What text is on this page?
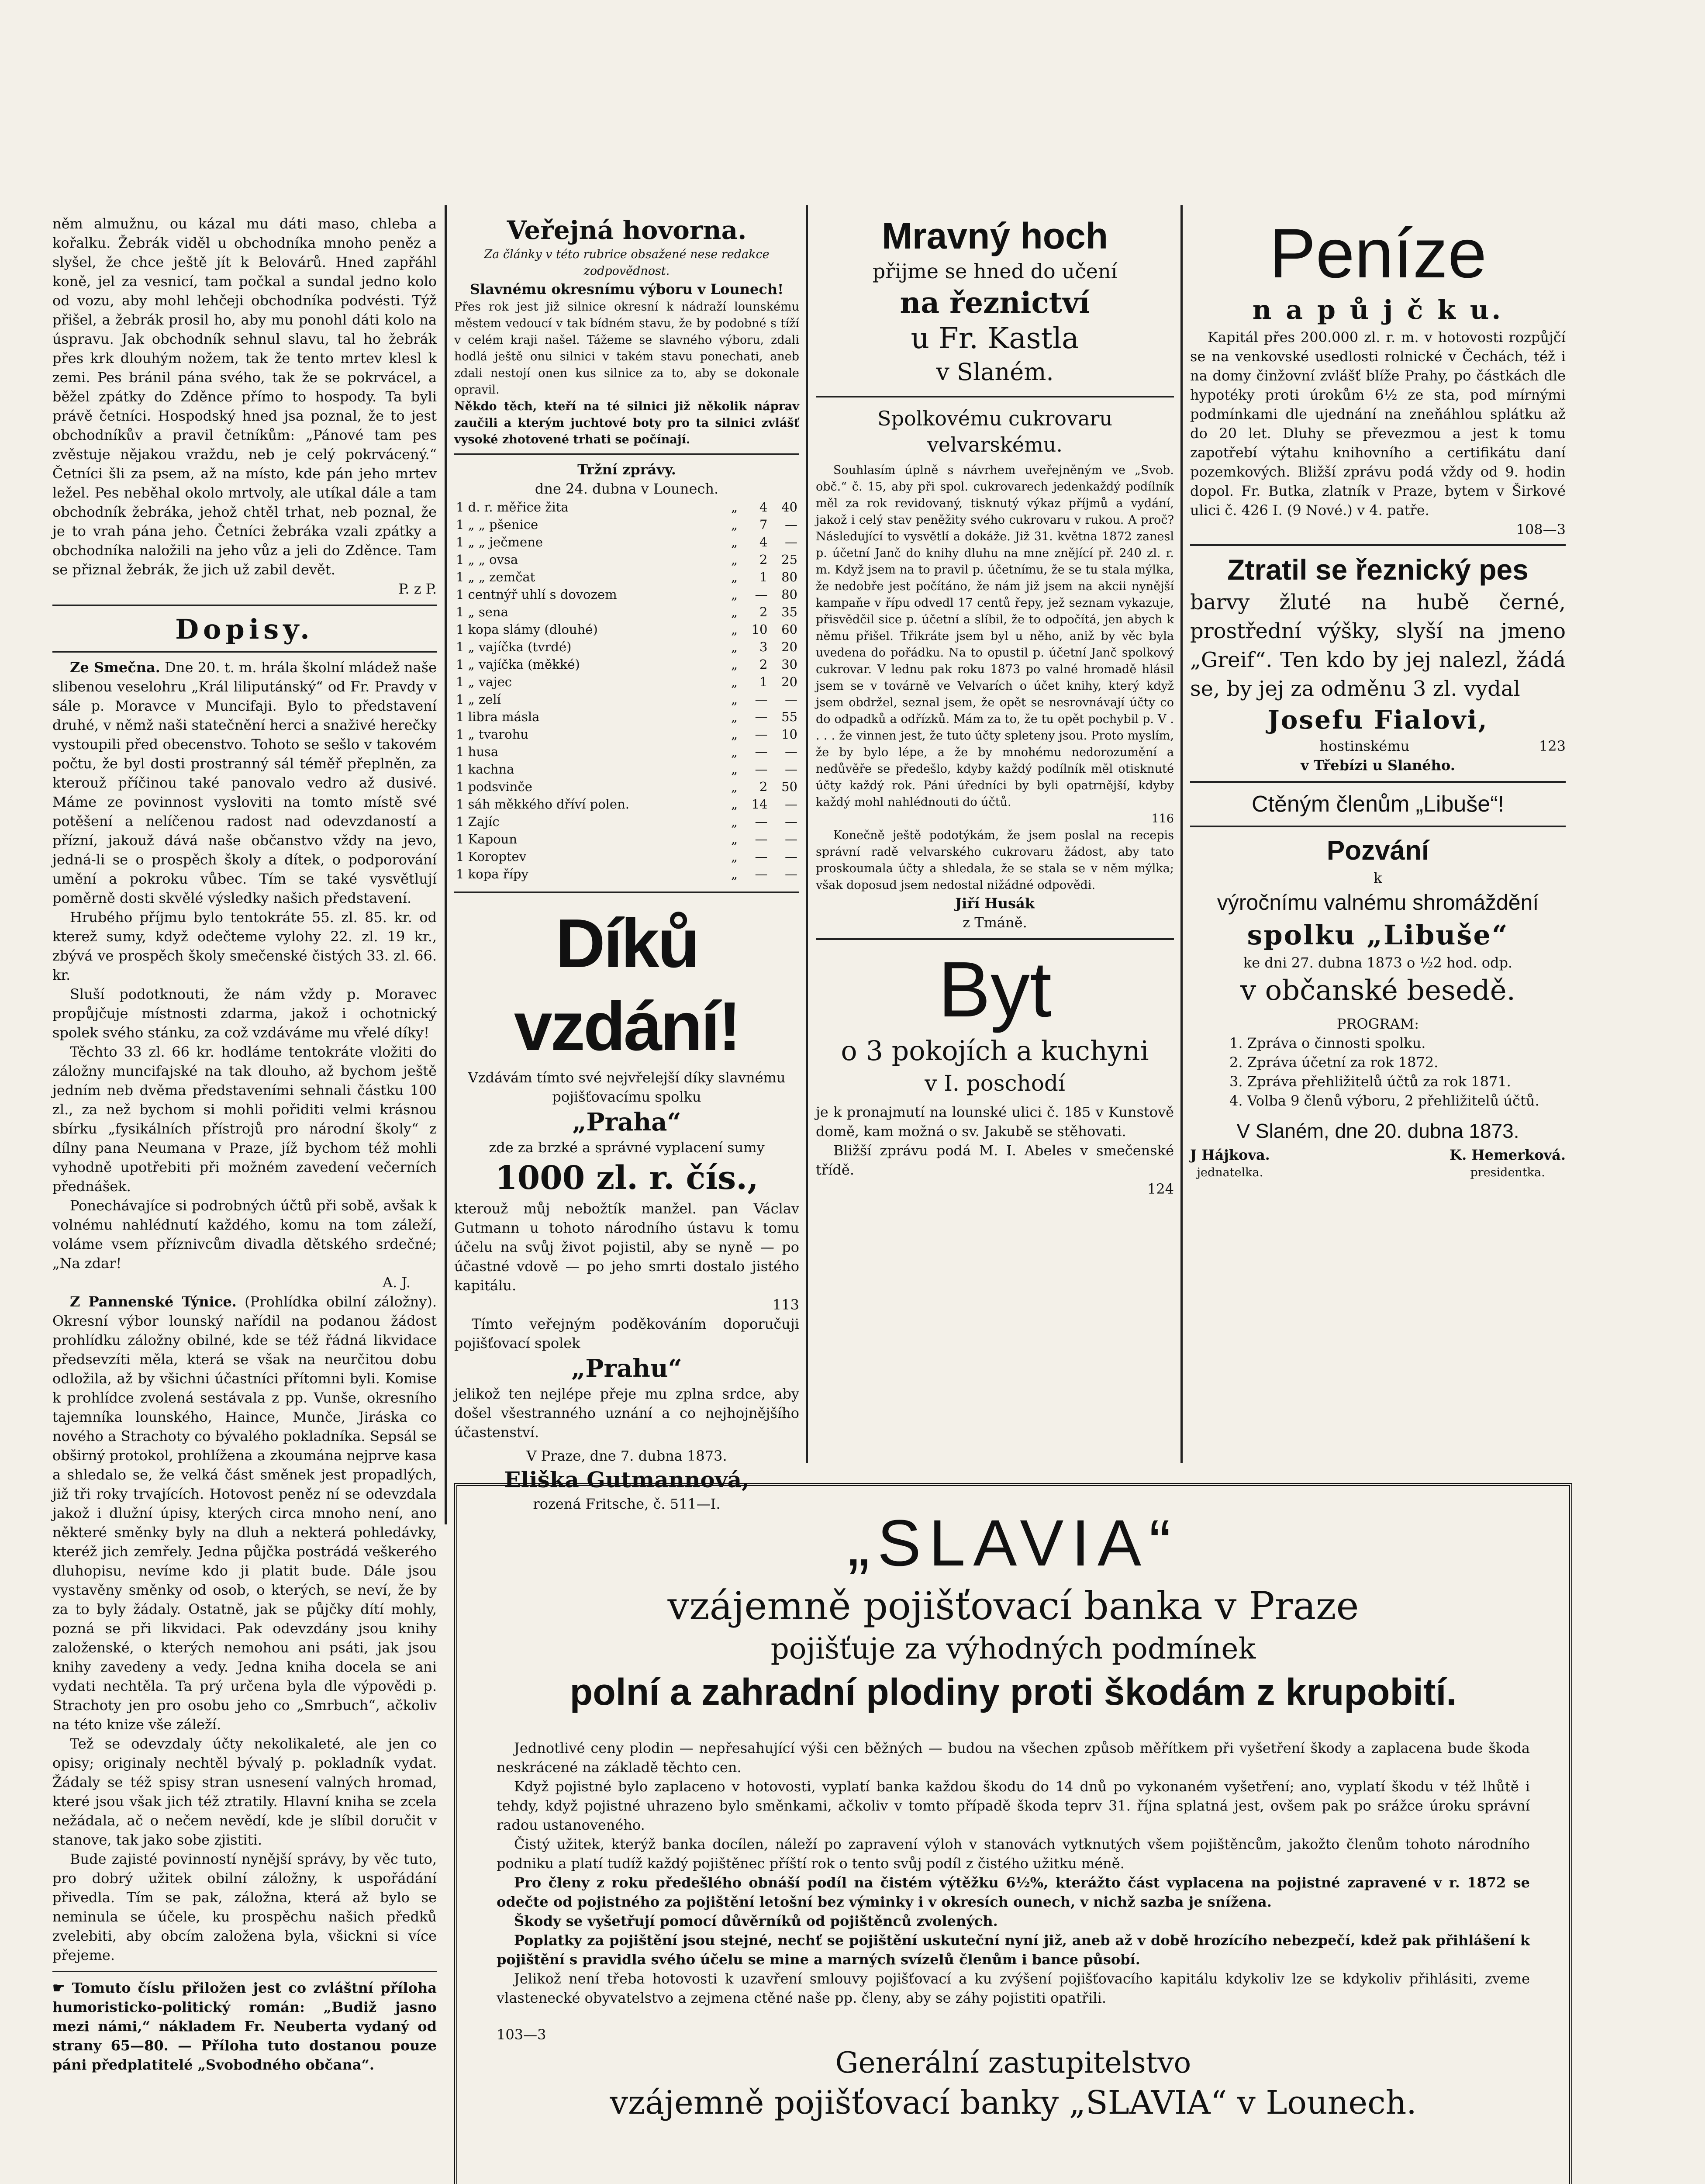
něm almužnu, ou kázal mu dáti maso, chleba a kořalku. Žebrák viděl u obchodníka mnoho peněz a slyšel, že chce ještě jít k Belovárů. Hned zapřáhl koně, jel za vesnicí, tam počkal a sundal jedno kolo od vozu, aby mohl lehčeji obchodníka podvésti. Týž přišel, a žebrák prosil ho, aby mu ponohl dáti kolo na úspravu. Jak obchodník sehnul slavu, tal ho žebrák přes krk dlouhým nožem, tak že tento mrtev klesl k zemi. Pes bránil pána svého, tak že se pokrvácel, a běžel zpátky do Zděnce přímo to hospody. Ta byli právě četníci. Hospodský hned jsa poznal, že to jest obchodníkův a pravil četníkům: „Pánové tam pes zvěstuje nějakou vraždu, neb je celý pokrvácený.“ Četníci šli za psem, až na místo, kde pán jeho mrtev ležel. Pes neběhal okolo mrtvoly, ale utíkal dále a tam obchodník žebráka, jehož chtěl trhat, neb poznal, že je to vrah pána jeho. Četníci žebráka vzali zpátky a obchodníka naložili na jeho vůz a jeli do Zděnce. Tam se přiznal žebrák, že jich už zabil devět.

P. z P.
Dopisy.

Ze Smečna. Dne 20. t. m. hrála školní mládež naše slibenou veselohru „Král liliputánský“ od Fr. Pravdy v sále p. Moravce v Muncifaji. Bylo to představení druhé, v němž naši statečnění herci a snaživé herečky vystoupili před obecenstvo. Tohoto se sešlo v takovém počtu, že byl dosti prostranný sál téměř přeplněn, za kterouž příčinou také panovalo vedro až dusivé. Máme ze povinnost vysloviti na tomto místě své potěšení a nelíčenou radost nad odevzdaností a přízní, jakouž dává naše občanstvo vždy na jevo, jedná-li se o prospěch školy a dítek, o podporování umění a pokroku vůbec. Tím se také vysvětlují poměrně dosti skvělé výsledky našich představení.

Hrubého příjmu bylo tentokráte 55. zl. 85. kr. od kterež sumy, když odečteme vylohy 22. zl. 19 kr., zbývá ve prospěch školy smečenské čistých 33. zl. 66. kr.

Sluší podotknouti, že nám vždy p. Moravec propůjčuje místnosti zdarma, jakož i ochotnický spolek svého stánku, za což vzdáváme mu vřelé díky!

Těchto 33 zl. 66 kr. hodláme tentokráte vložiti do záložny muncifajské na tak dlouho, až bychom ještě jedním neb dvěma představeními sehnali částku 100 zl., za než bychom si mohli pořiditi velmi krásnou sbírku „fysikálních přístrojů pro národní školy“ z dílny pana Neumana v Praze, jíž bychom též mohli vyhodně upotřebiti při možném zavedení večerních přednášek.

Ponechávajíce si podrobných účtů při sobě, avšak k volnému nahlédnutí každého, komu na tom záleží, voláme vsem příznivcům divadla dětského srdečné; „Na zdar!

A. J.

Z Pannenské Týnice. (Prohlídka obilní záložny). Okresní výbor lounský nařídil na podanou žádost prohlídku záložny obilné, kde se též řádná likvidace předsevzíti měla, která se však na neurčitou dobu odložila, až by všichni účastníci přítomni byli. Komise k prohlídce zvolená sestávala z pp. Vunše, okresního tajemníka lounského, Haince, Munče, Jiráska co novéhо a Strachoty co bývalého pokladníka. Sepsál se obširný protokol, prohlížena a zkoumána nejprve kasa a shledalo se, že velká část směnek jest propadlých, již tři roky trvajících. Hotovost peněz ní se odevzdala jakož i dlužní úpisy, kterých circa mnoho není, ano některé směnky byly na dluh a nekterá pohledávky, kteréž jich zemřely. Jedna půjčka postrádá veškerého dluhopisu, nevíme kdo ji platit bude. Dále jsou vystavěny směnky od osob, o kterých, se neví, že by za to byly žádaly. Ostatně, jak se půjčky dítí mohly, pozná se při likvidaci. Pak odevzdány jsou knihy založenské, o kterých nemohou ani psáti, jak jsou knihy zavedeny a vedy. Jedna kniha docela se ani vydati nechtěla. Ta prý určena byla dle výpovědi p. Strachoty jen pro osobu jeho co „Smrbuch“, ačkoliv na této knize vše záleží.

Tež se odevzdaly účty nekolikaleté, ale jen co opisy; originaly nechtěl bývalý p. pokladník vydat. Žádaly se též spisy stran usnesení valných hromad, které jsou však jich též ztratily. Hlavní kniha se zcela nežádala, ač o nečem nevědí, kde je slíbil doručit v stanove, tak jako sobe zjistiti.

Bude zajisté povinností nynější správy, by věc tuto, pro dobrý užitek obilní záložny, k uspořádání přivedla. Tím se pak, záložna, která až bylo se neminula se účele, ku prospěchu našich předků zvelebiti, aby obcím založena byla, všickni si více přejeme.

☛ Tomuto číslu přiložen jest co zvláštní příloha humoristicko-politický román: „Budiž jasno mezi námi,“ nákladem Fr. Neuberta vydaný od strany 65—80. — Příloha tuto dostanou pouze páni předplatitelé „Svobodného občana“.

Veřejná hovorna.
Za články v této rubrice obsažené nese redakce zodpovědnost.
Slavnému okresnímu výboru v Lounech!

Přes rok jest již silnice okresní k nádraží lounskému městem vedoucí v tak bídném stavu, že by podobné s tíží v celém kraji našel. Tážeme se slavného výboru, zdali hodlá ještě onu silnici v takém stavu ponechati, aneb zdali nestojí onen kus silnice za to, aby se dokonale opravil.

Někdo těch, kteří na té silnici již několik náprav zaučili a kterým juchtové boty pro ta silnici zvlášť vysoké zhotovené trhati se počínají.

Tržní zprávy.
dne 24. dubna v Lounech.
1 d. r. měřice žita	„	4	40
1 „ „ pšenice	„	7	—
1 „ „ ječmene	„	4	—
1 „ „ ovsa	„	2	25
1 „ „ zemčat	„	1	80
1 centnýř uhlí s dovozem	„	—	80
1 „ sena	„	2	35
1 kopa slámy (dlouhé)	„	10	60
1 „ vajíčka (tvrdé)	„	3	20
1 „ vajíčka (měkké)	„	2	30
1 „ vajec	„	1	20
1 „ zelí	„	—	—
1 libra másla	„	—	55
1 „ tvarohu	„	—	10
1 husa	„	—	—
1 kachna	„	—	—
1 podsvinče	„	2	50
1 sáh měkkého dříví polen.	„	14	—
1 Zajíc	„	—	—
1 Kapoun	„	—	—
1 Koroptev	„	—	—
1 kopa řípy	„	—	—
Díků vzdání!

Vzdávám tímto své nejvřelejší díky slavnému pojišťovacímu spolku

„Praha“

zde za brzké a správné vyplacení sumy

1000 zl. r. čís.,

kterouž můj nebožtík manžel. pan Václav Gutmann u tohoto národního ústavu k tomu účelu na svůj život pojistil, aby se nyně — po účastné vdově — po jeho smrti dostalo jistého kapitálu.

113

Tímto veřejným poděkováním doporučuji pojišťovací spolek

„Prahu“

jelikož ten nejlépe přeje mu zplna srdce, aby došel všestranného uznání a co nejhojnějšího účastenství.

V Praze, dne 7. dubna 1873.
Eliška Gutmannová,
rozená Fritsche, č. 511—I.
Mravný hoch
přijme se hned do učení
na řeznictví
u Fr. Kastla
v Slaném.
Spolkovému cukrovaru velvarskému.

Souhlasím úplně s návrhem uveřejněným ve „Svob. obč.“ č. 15, aby při spol. cukrovarech jedenkaždý podílník měl za rok revidovaný, tisknutý výkaz příjmů a vydání, jakož i celý stav peněžity svého cukrovaru v rukou. A proč? Následující to vysvětlí a dokáže. Již 31. května 1872 zanesl p. účetní Janč do knihy dluhu na mne znějící př. 240 zl. r. m. Když jsem na to pravil p. účetnímu, že se tu stala mýlka, že nedobře jest počítáno, že nám již jsem na akcii nynější kampaňe v řípu odvedl 17 centů řepy, jež seznam vykazuje, přisvědčil sice p. účetní a slíbil, že to odpočítá, jen abych k němu přišel. Třikráte jsem byl u něho, aniž by věc byla uvedena do pořádku. Na to opustil p. účetní Janč spolkový cukrovar. V lednu pak roku 1873 po valné hromadě hlásil jsem se v továrně ve Velvarích o účet knihy, který když jsem obdržel, seznal jsem, že opět se nesrovnávají účty co do odpadků a odřízků. Mám za to, že tu opět pochybil p. V . . . . že vinnen jest, že tuto účty spleteny jsou. Proto myslím, že by bylo lépe, a že by mnohému nedorozumění a nedůvěře se předešlo, kdyby každý podílník měl otisknuté účty každý rok. Páni úředníci by byli opatrnější, kdyby každý mohl nahlédnouti do účtů.

116

Konečně ještě podotýkám, že jsem poslal na recepis správní radě velvarského cukrovaru žádost, aby tato proskoumala účty a shledala, že se stala se v něm mýlka; však doposud jsem nedostal nižádné odpovědi.

Jiří Husák
z Tmáně.
Byt
o 3 pokojích a kuchyni
v I. poschodí

je k pronajmutí na lounské ulici č. 185 v Kunstově domě, kam možná o sv. Jakubě se stěhovati.

Bližší zprávu podá M. I. Abeles v smečenské třídě.

124
Peníze
n a p ů j č k u.

Kapitál přes 200.000 zl. r. m. v hotovosti rozpůjčí se na venkovské usedlosti rolnické v Čechách, též i na domy činžovní zvlášť blíže Prahy, po částkách dle hypotéky proti úrokům 6½ ze sta, pod mírnými podmínkami dle ujednání na zneňáhlou splátku až do 20 let. Dluhy se převezmou a jest k tomu zapotřebí výtahu knihovního a certifikátu daní pozemkových. Bližší zprávu podá vždy od 9. hodin dopol. Fr. Butka, zlatník v Praze, bytem v Širkové ulici č. 426 I. (9 Nové.) v 4. patře.

108—3
Ztratil se řeznický pes

barvy žluté na hubě černé, prostřední výšky, slyší na jmeno „Greif“. Ten kdo by jej nalezl, žádá se, by jej za odměnu 3 zl. vydal

Josefu Fialovi,
hostinskému	123
v Třebízi u Slaného.
Ctěným členům „Libuše“!
Pozvání
k
výročnímu valnému shromáždění
spolku „Libuše“
ke dni 27. dubna 1873 o ½2 hod. odp.
v občanské besedě.
PROGRAM:
1. Zpráva o činnosti spolku.
2. Zpráva účetní za rok 1872.
3. Zpráva přehližitelů účtů za rok 1871.
4. Volba 9 členů výboru, 2 přehližitelů účtů.
V Slaném, dne 20. dubna 1873.
J Hájkova.
jednatelka.
K. Hemerková.
presidentka.
„SLAVIA“
vzájemně pojišťovací banka v Praze
pojišťuje za výhodných podmínek
polní a zahradní plodiny proti škodám z krupobití.

Jednotlivé ceny plodin — nepřesahující výši cen běžných — budou na všechen způsob měřítkem při vyšetření škody a zaplacena bude škoda neskrácené na základě těchto cen.

Když pojistné bylo zaplaceno v hotovosti, vyplatí banka každou škodu do 14 dnů po vykonaném vyšetření; ano, vyplatí škodu v též lhůtě i tehdy, když pojistné uhrazeno bylo směnkami, ačkoliv v tomto případě škoda teprv 31. října splatná jest, ovšem pak po srážce úroku správní radou ustanoveného.

Čistý užitek, kterýž banka docílen, náleží po zapravení výloh v stanovách vytknutých všem pojištěncům, jakožto členům tohoto národního podniku a platí tudíž každý pojištěnec příští rok o tento svůj podíl z čistého užitku méně.

Pro členy z roku předešlého obnáší podíl na čistém výtěžku 6½%, kterážto část vyplacena na pojistné zapravené v r. 1872 se odečte od pojistného za pojištění letošní bez výminky i v okresích ounech, v nichž sazba je snížena.

Škody se vyšetřují pomocí důvěrníků od pojištěnců zvolených.

Poplatky za pojištění jsou stejné, nechť se pojištění uskuteční nyní již, aneb až v době hrozícího nebezpečí, kdež pak přihlášení k pojištění s pravidla svého účelu se mine a marných svízelů členům i bance působí.

Jelikož není třeba hotovosti k uzavření smlouvy pojišťovací a ku zvýšení pojišťovacího kapitálu kdykoliv lze se kdykoliv přihlásiti, zveme vlastenecké obyvatelstvo a zejmena ctěné naše pp. členy, aby se záhy pojistiti opatřili.

103—3
Generální zastupitelstvo
vzájemně pojišťovací banky „SLAVIA“ v Lounech.
